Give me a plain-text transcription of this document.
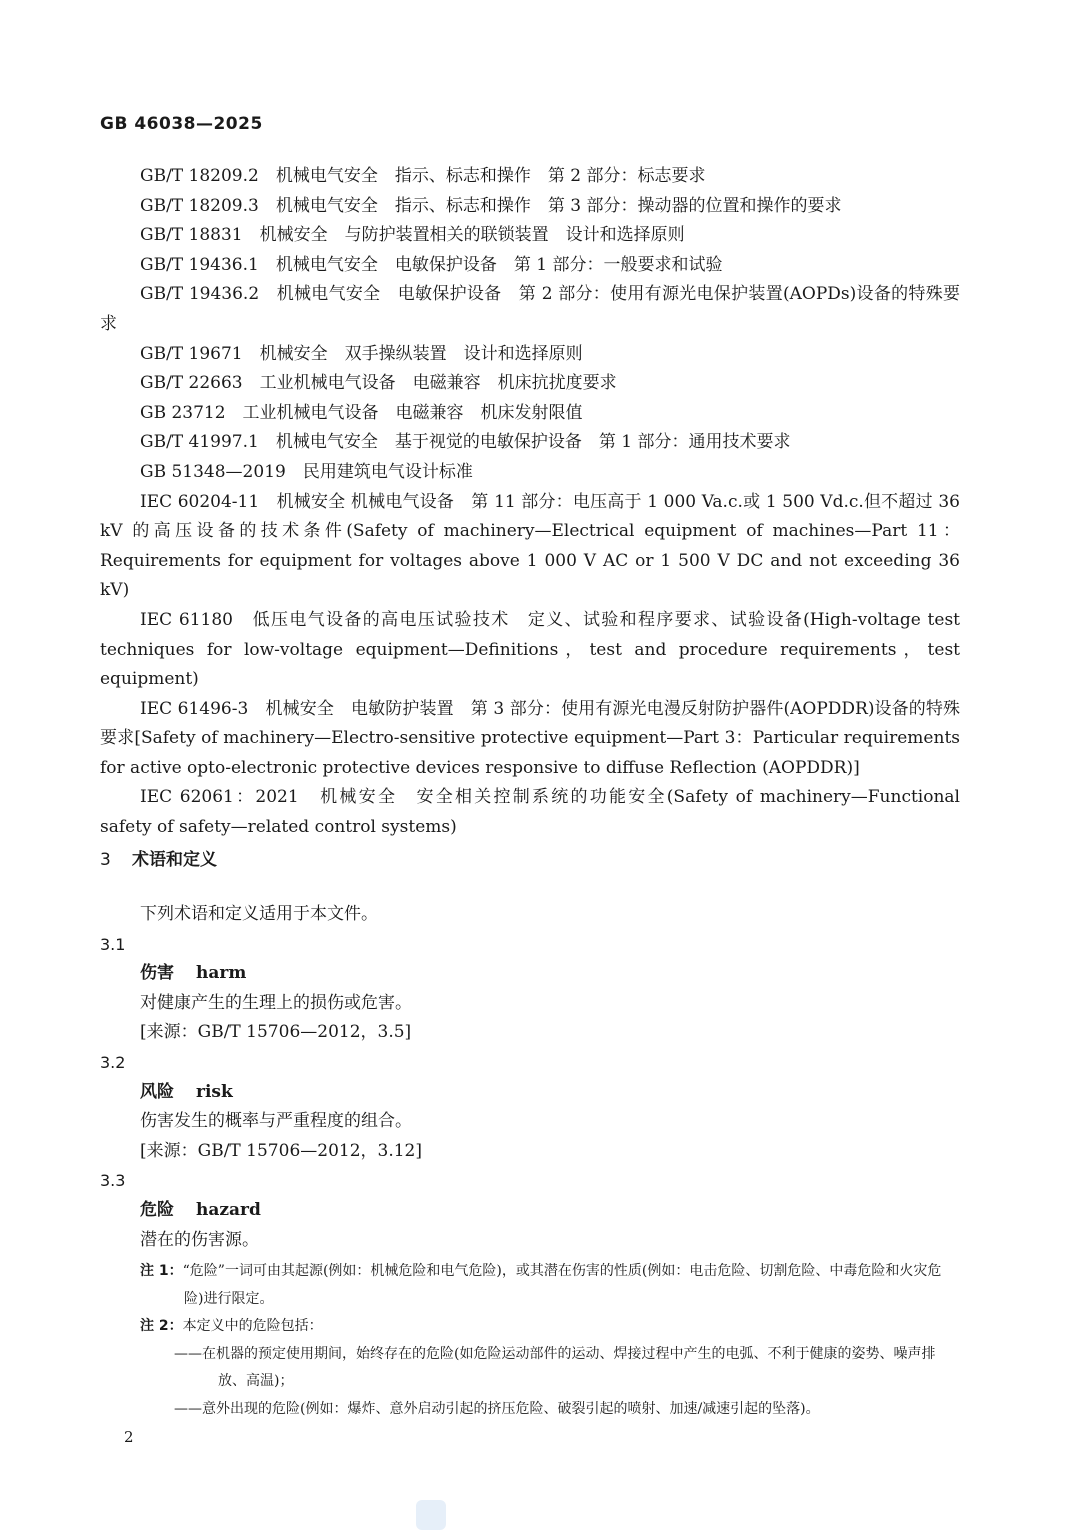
GB 46038—2025

GB/T 18209.2　机械电气安全　指示、标志和操作　第 2 部分：标志要求

GB/T 18209.3　机械电气安全　指示、标志和操作　第 3 部分：操动器的位置和操作的要求

GB/T 18831　机械安全　与防护装置相关的联锁装置　设计和选择原则

GB/T 19436.1　机械电气安全　电敏保护设备　第 1 部分：一般要求和试验

GB/T 19436.2　机械电气安全　电敏保护设备　第 2 部分：使用有源光电保护装置(AOPDs)设备的特殊要求

GB/T 19671　机械安全　双手操纵装置　设计和选择原则

GB/T 22663　工业机械电气设备　电磁兼容　机床抗扰度要求

GB 23712　工业机械电气设备　电磁兼容　机床发射限值

GB/T 41997.1　机械电气安全　基于视觉的电敏保护设备　第 1 部分：通用技术要求

GB 51348—2019　民用建筑电气设计标准

IEC 60204-11　机械安全 机械电气设备　第 11 部分：电压高于 1 000 Va.c.或 1 500 Vd.c.但不超过 36 kV 的高压设备的技术条件(Safety of machinery—Electrical equipment of machines—Part 11：Requirements for equipment for voltages above 1 000 V AC or 1 500 V DC and not exceeding 36 kV)

IEC 61180　低压电气设备的高电压试验技术　定义、试验和程序要求、试验设备(High-voltage test techniques for low-voltage equipment—Definitions，test and procedure requirements，test equipment)

IEC 61496-3　机械安全　电敏防护装置　第 3 部分：使用有源光电漫反射防护器件(AOPDDR)设备的特殊要求[Safety of machinery—Electro-sensitive protective equipment—Part 3：Particular requirements for active opto-electronic protective devices responsive to diffuse Reflection (AOPDDR)]

IEC 62061：2021　机械安全　安全相关控制系统的功能安全(Safety of machinery—Functional safety of safety—related control systems)

3 术语和定义

下列术语和定义适用于本文件。

3.1

伤害 harm

对健康产生的生理上的损伤或危害。

[来源：GB/T 15706—2012，3.5]

3.2

风险 risk

伤害发生的概率与严重程度的组合。

[来源：GB/T 15706—2012，3.12]

3.3

危险 hazard

潜在的伤害源。

注 1：“危险”一词可由其起源(例如：机械危险和电气危险)，或其潜在伤害的性质(例如：电击危险、切割危险、中毒危险和火灾危险)进行限定。

注 2：本定义中的危险包括：

——在机器的预定使用期间，始终存在的危险(如危险运动部件的运动、焊接过程中产生的电弧、不利于健康的姿势、噪声排放、高温)；

——意外出现的危险(例如：爆炸、意外启动引起的挤压危险、破裂引起的喷射、加速/减速引起的坠落)。

2
